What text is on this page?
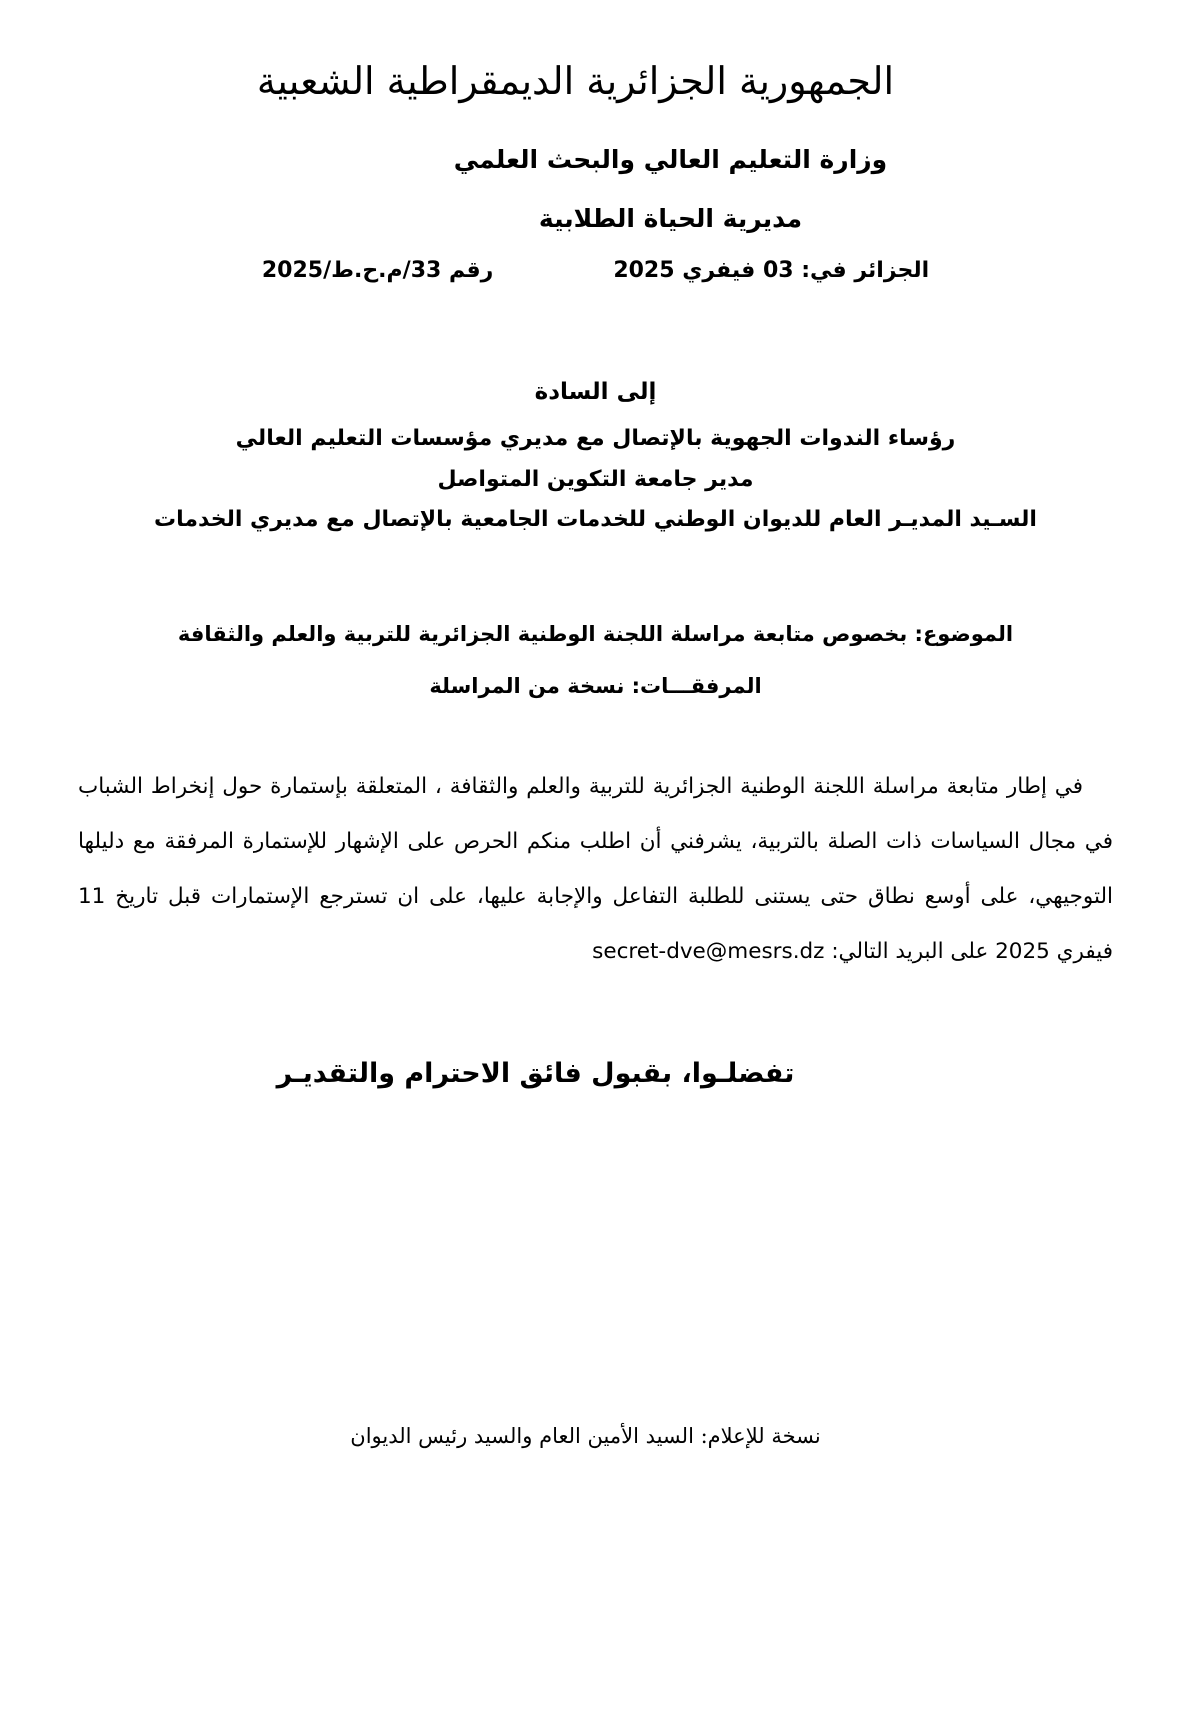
الجمهورية الجزائرية الديمقراطية الشعبية
وزارة التعليم العالي والبحث العلمي
مديرية الحياة الطلابية
رقم 33/م.ح.ط/2025	الجزائر في: 03 فيفري 2025
إلى السادة
رؤساء الندوات الجهوية بالإتصال مع مديري مؤسسات التعليم العالي
مدير جامعة التكوين المتواصل
السـيد المديـر العام للديوان الوطني للخدمات الجامعية بالإتصال مع مديري الخدمات
الموضوع: بخصوص متابعة مراسلة اللجنة الوطنية الجزائرية للتربية والعلم والثقافة
المرفقـــات: نسخة من المراسلة

في إطار متابعة مراسلة اللجنة الوطنية الجزائرية للتربية والعلم والثقافة ، المتعلقة بإستمارة حول إنخراط الشباب في مجال السياسات ذات الصلة بالتربية، يشرفني أن اطلب منكم الحرص على الإشهار للإستمارة المرفقة مع دليلها التوجيهي، على أوسع نطاق حتى يستنى للطلبة التفاعل والإجابة عليها، على ان تسترجع الإستمارات قبل تاريخ 11 فيفري 2025 على البريد التالي: secret-dve@mesrs.dz

تفضلـوا، بقبول فائق الاحترام والتقديـر
نسخة للإعلام: السيد الأمين العام والسيد رئيس الديوان
